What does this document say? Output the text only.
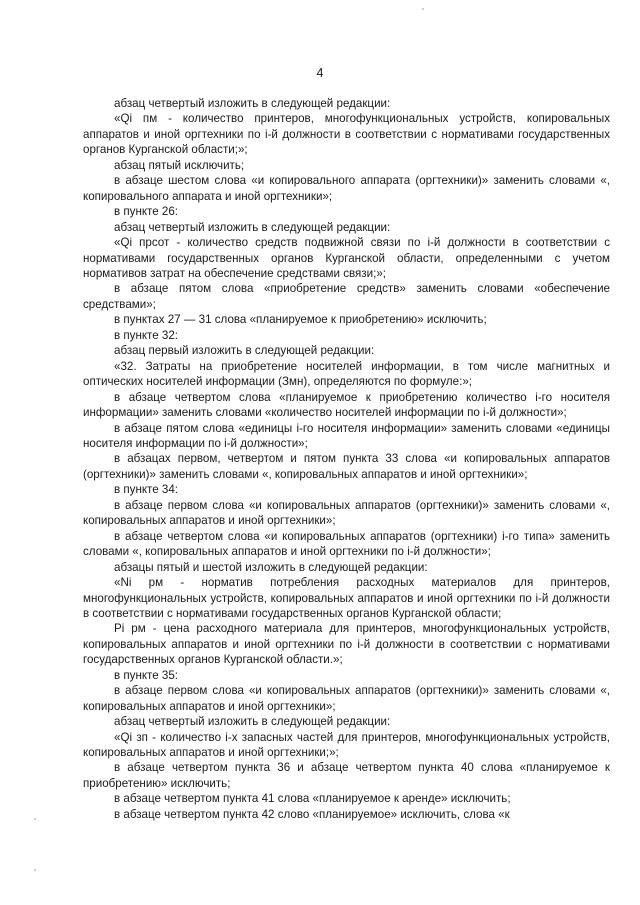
4

абзац четвертый изложить в следующей редакции:

«Qi пм - количество принтеров, многофункциональных устройств, копировальных аппаратов и иной оргтехники по i-й должности в соответствии с нормативами государственных органов Курганской области;»;

абзац пятый исключить;

в абзаце шестом слова «и копировального аппарата (оргтехники)» заменить словами «, копировального аппарата и иной оргтехники»;

в пункте 26:

абзац четвертый изложить в следующей редакции:

«Qi прсот - количество средств подвижной связи по i-й должности в соответствии с нормативами государственных органов Курганской области, определенными с учетом нормативов затрат на обеспечение средствами связи;»;

в абзаце пятом слова «приобретение средств» заменить словами «обеспечение средствами»;

в пунктах 27 — 31 слова «планируемое к приобретению» исключить;

в пункте 32:

абзац первый изложить в следующей редакции:

«32. Затраты на приобретение носителей информации, в том числе магнитных и оптических носителей информации (Змн), определяются по формуле:»;

в абзаце четвертом слова «планируемое к приобретению количество i-го носителя информации» заменить словами «количество носителей информации по i-й должности»;

в абзаце пятом слова «единицы i-го носителя информации» заменить словами «единицы носителя информации по i-й должности»;

в абзацах первом, четвертом и пятом пункта 33 слова «и копировальных аппаратов (оргтехники)» заменить словами «, копировальных аппаратов и иной оргтехники»;

в пункте 34:

в абзаце первом слова «и копировальных аппаратов (оргтехники)» заменить словами «, копировальных аппаратов и иной оргтехники»;

в абзаце четвертом слова «и копировальных аппаратов (оргтехники) i-го типа» заменить словами «, копировальных аппаратов и иной оргтехники по i-й должности»;

абзацы пятый и шестой изложить в следующей редакции:

«Ni рм - норматив потребления расходных материалов для принтеров, многофункциональных устройств, копировальных аппаратов и иной оргтехники по i-й должности в соответствии с нормативами государственных органов Курганской области;

Pi рм - цена расходного материала для принтеров, многофункциональных устройств, копировальных аппаратов и иной оргтехники по i-й должности в соответствии с нормативами государственных органов Курганской области.»;

в пункте 35:

в абзаце первом слова «и копировальных аппаратов (оргтехники)» заменить словами «, копировальных аппаратов и иной оргтехники»;

абзац четвертый изложить в следующей редакции:

«Qi зп - количество i-х запасных частей для принтеров, многофункциональных устройств, копировальных аппаратов и иной оргтехники;»;

в абзаце четвертом пункта 36 и абзаце четвертом пункта 40 слова «планируемое к приобретению» исключить;

в абзаце четвертом пункта 41 слова «планируемое к аренде» исключить;

в абзаце четвертом пункта 42 слово «планируемое» исключить, слова «к
